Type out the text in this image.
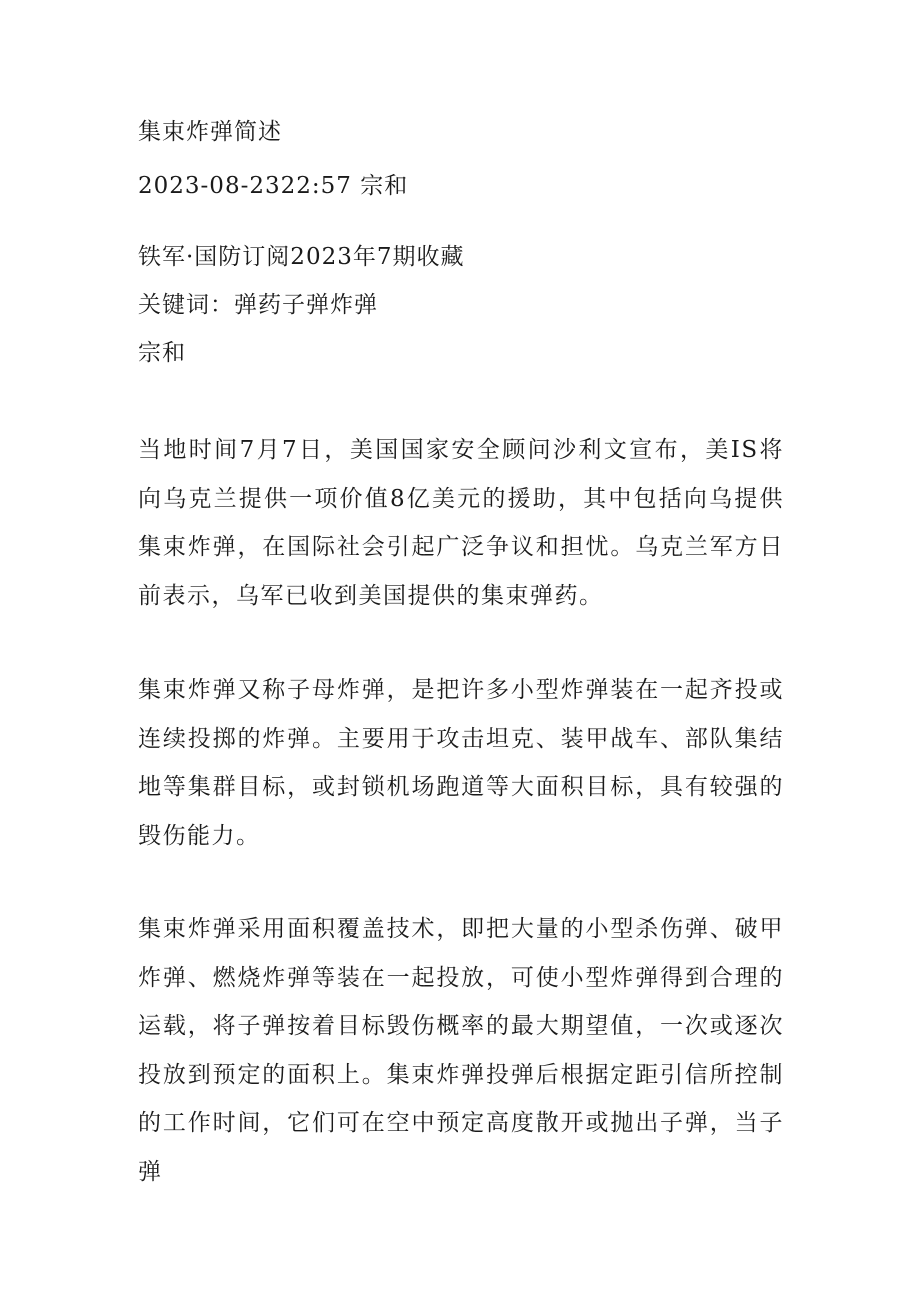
集束炸弹简述
2023-08-2322:57 宗和
铁军·国防订阅2023年7期收藏
关键词：弹药子弹炸弹
宗和
当地时间7月7日，美国国家安全顾问沙利文宣布，美IS将向乌克兰提供一项价值8亿美元的援助，其中包括向乌提供集束炸弹，在国际社会引起广泛争议和担忧。乌克兰军方日前表示，乌军已收到美国提供的集束弹药。
集束炸弹又称子母炸弹，是把许多小型炸弹装在一起齐投或连续投掷的炸弹。主要用于攻击坦克、装甲战车、部队集结地等集群目标，或封锁机场跑道等大面积目标，具有较强的毁伤能力。
集束炸弹采用面积覆盖技术，即把大量的小型杀伤弹、破甲炸弹、燃烧炸弹等装在一起投放，可使小型炸弹得到合理的运载，将子弹按着目标毁伤概率的最大期望值，一次或逐次投放到预定的面积上。集束炸弹投弹后根据定距引信所控制的工作时间，它们可在空中预定高度散开或抛出子弹，当子弹
